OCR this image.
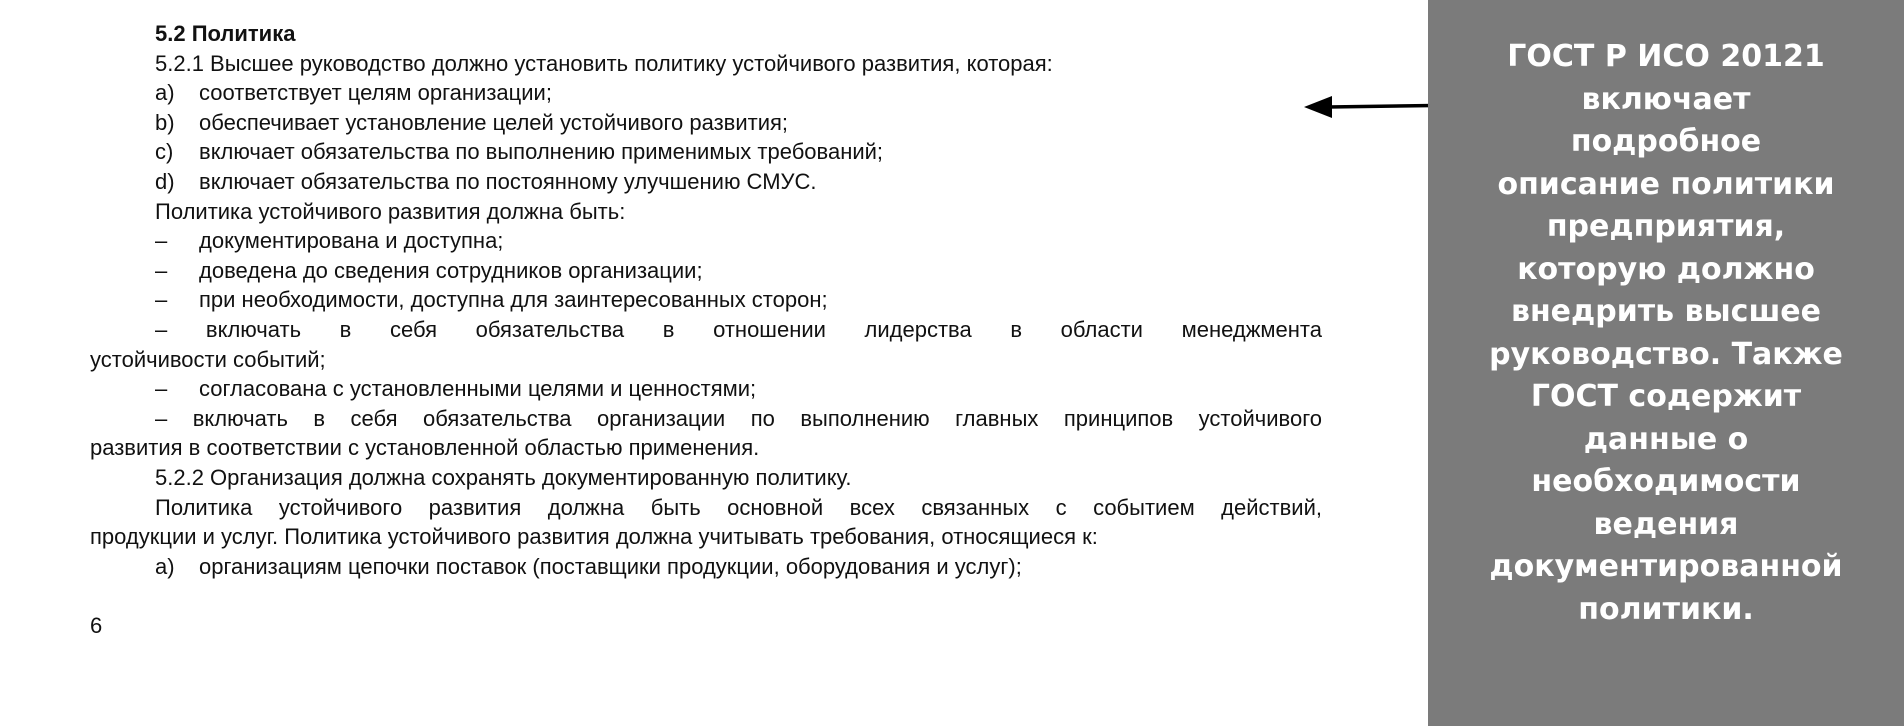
5.2 Политика
5.2.1 Высшее руководство должно установить политику устойчивого развития, которая:
a) соответствует целям организации;
b) обеспечивает установление целей устойчивого развития;
c) включает обязательства по выполнению применимых требований;
d) включает обязательства по постоянному улучшению СМУС.
Политика устойчивого развития должна быть:
– документирована и доступна;
– доведена до сведения сотрудников организации;
– при необходимости, доступна для заинтересованных сторон;
– включать в себя обязательства в отношении лидерства в области менеджмента
устойчивости событий;
– согласована с установленными целями и ценностями;
– включать в себя обязательства организации по выполнению главных принципов устойчивого
развития в соответствии с установленной областью применения.
5.2.2 Организация должна сохранять документированную политику.
Политика устойчивого развития должна быть основной всех связанных с событием действий,
продукции и услуг. Политика устойчивого развития должна учитывать требования, относящиеся к:
a) организациям цепочки поставок (поставщики продукции, оборудования и услуг);
6
ГОСТ Р ИСО 20121
включает
подробное
описание политики
предприятия,
которую должно
внедрить высшее
руководство. Также
ГОСТ содержит
данные о
необходимости
ведения
документированной
политики.
